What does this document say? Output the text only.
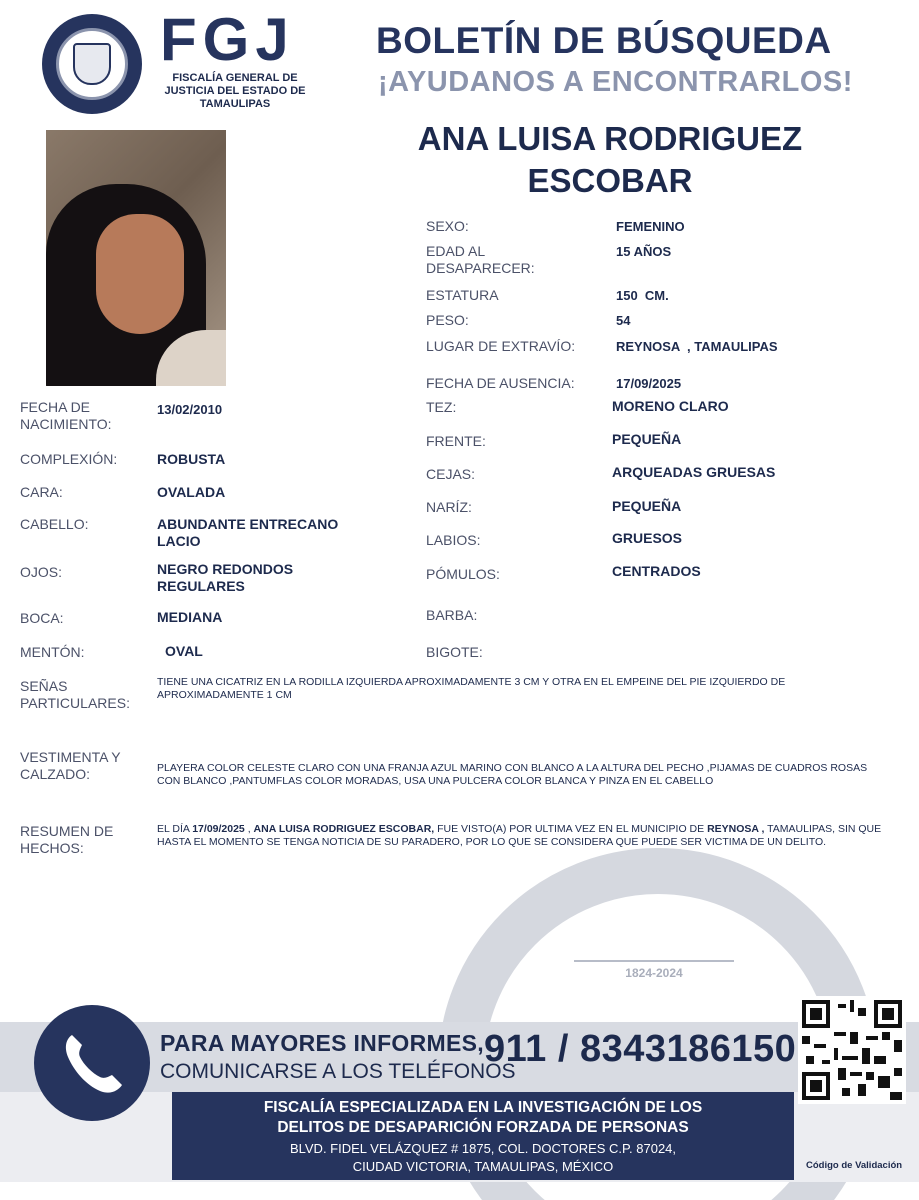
FGJ
FISCALÍA GENERAL DE JUSTICIA DEL ESTADO DE TAMAULIPAS
BOLETÍN DE BÚSQUEDA
¡AYUDANOS A ENCONTRARLOS!
ANA LUISA RODRIGUEZ
ESCOBAR
SEXO:	FEMENINO
EDAD AL
DESAPARECER:
15 AÑOS
ESTATURA	150  CM.
PESO:	54
LUGAR DE EXTRAVÍO:	REYNOSA  , TAMAULIPAS
FECHA DE AUSENCIA:	17/09/2025
TEZ:	MORENO CLARO
FRENTE:	PEQUEÑA
CEJAS:	ARQUEADAS GRUESAS
NARÍZ:	PEQUEÑA
LABIOS:	GRUESOS
PÓMULOS:	CENTRADOS
BARBA:
BIGOTE:
FECHA DE
NACIMIENTO:
13/02/2010
COMPLEXIÓN:	ROBUSTA
CARA:	OVALADA
CABELLO:	ABUNDANTE ENTRECANO
LACIO
OJOS:	NEGRO REDONDOS
REGULARES
BOCA:	MEDIANA
MENTÓN:	OVAL
SEÑAS
PARTICULARES:
TIENE UNA CICATRIZ EN LA RODILLA IZQUIERDA APROXIMADAMENTE 3 CM Y OTRA EN EL EMPEINE DEL PIE IZQUIERDO DE APROXIMADAMENTE 1 CM
VESTIMENTA Y
CALZADO:	PLAYERA COLOR CELESTE CLARO CON UNA FRANJA AZUL MARINO CON BLANCO A LA ALTURA DEL PECHO ,PIJAMAS DE CUADROS ROSAS CON BLANCO ,PANTUMFLAS COLOR MORADAS, USA UNA PULCERA COLOR BLANCA Y PINZA EN EL CABELLO
RESUMEN DE
HECHOS:
EL DÍA 17/09/2025 , ANA LUISA RODRIGUEZ ESCOBAR, FUE VISTO(A) POR ULTIMA VEZ EN EL MUNICIPIO DE REYNOSA , TAMAULIPAS, SIN QUE HASTA EL MOMENTO SE TENGA NOTICIA DE SU PARADERO, POR LO QUE SE CONSIDERA QUE PUEDE SER VICTIMA DE UN DELITO.
1824-2024
PARA MAYORES INFORMES,
COMUNICARSE A LOS TELÉFONOS
911 / 8343186150
FISCALÍA ESPECIALIZADA EN LA INVESTIGACIÓN DE LOS
DELITOS DE DESAPARICIÓN FORZADA DE PERSONAS
BLVD. FIDEL VELÁZQUEZ # 1875, COL. DOCTORES C.P. 87024,
CIUDAD VICTORIA, TAMAULIPAS, MÉXICO	Código de Validación
